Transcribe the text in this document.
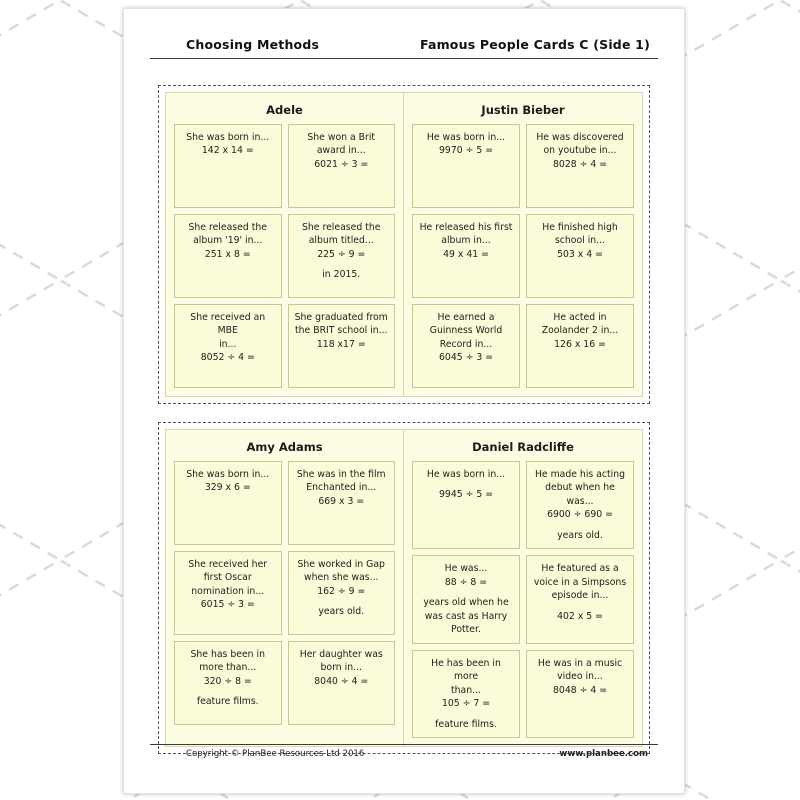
Choosing Methods	Famous People Cards C (Side 1)
Adele
She was born in...
142 x 14 =
She won a Brit
award in...
6021 ÷ 3 =
She released the
album '19' in...
251 x 8 =
She released the
album titled...
225 ÷ 9 =
in 2015.
She received an MBE
in...
8052 ÷ 4 =
She graduated from
the BRIT school in...
118 x17 =
Justin Bieber
He was born in...
9970 ÷ 5 =
He was discovered
on youtube in...
8028 ÷ 4 =
He released his first
album in...
49 x 41 =
He finished high
school in...
503 x 4 =
He earned a
Guinness World
Record in...
6045 ÷ 3 =
He acted in
Zoolander 2 in...
126 x 16 =
Amy Adams
She was born in...
329 x 6 =
She was in the film
Enchanted in...
669 x 3 =
She received her
first Oscar
nomination in...
6015 ÷ 3 =
She worked in Gap
when she was...
162 ÷ 9 =
years old.
She has been in
more than...
320 ÷ 8 =
feature films.
Her daughter was
born in...
8040 ÷ 4 =
Daniel Radcliffe
He was born in...
9945 ÷ 5 =
He made his acting
debut when he was...
6900 ÷ 690 =
years old.
He was...
88 ÷ 8 =
years old when he
was cast as Harry
Potter.
He featured as a
voice in a Simpsons
episode in...
402 x 5 =
He has been in more
than...
105 ÷ 7 =
feature films.
He was in a music
video in...
8048 ÷ 4 =
Copyright © PlanBee Resources Ltd 2016	www.planbee.com
